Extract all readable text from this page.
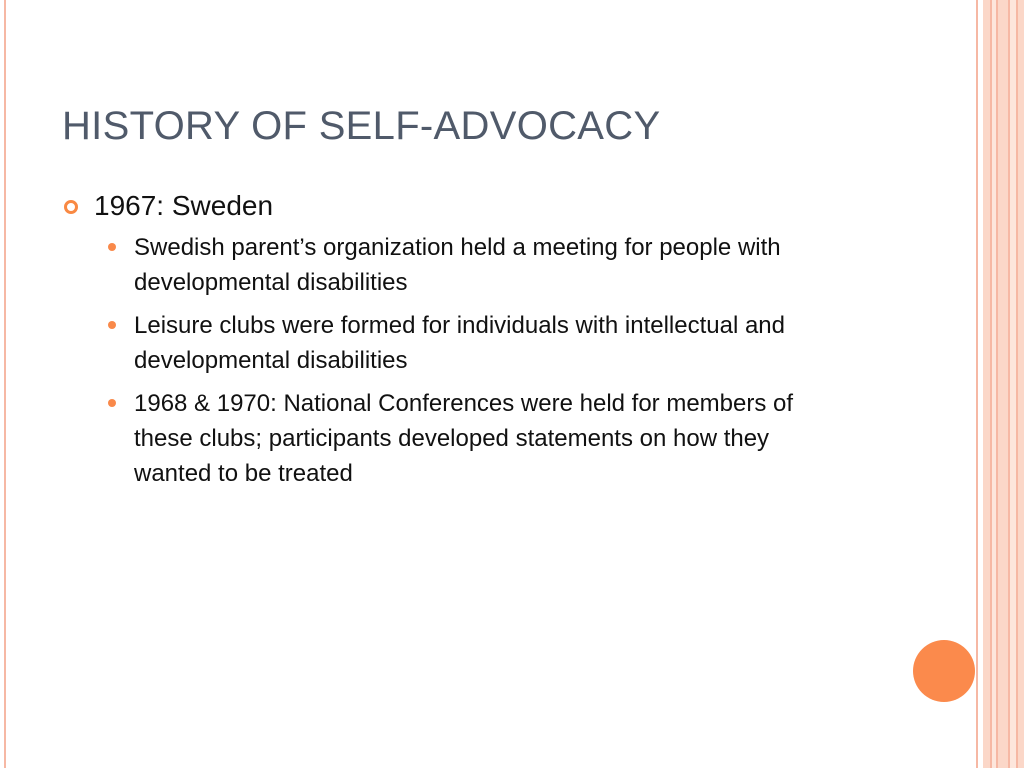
HISTORY OF SELF-ADVOCACY
1967: Sweden
Swedish parent’s organization held a meeting for people with developmental disabilities
Leisure clubs were formed for individuals with intellectual and developmental disabilities
1968 & 1970: National Conferences were held for members of these clubs; participants developed statements on how they wanted to be treated
